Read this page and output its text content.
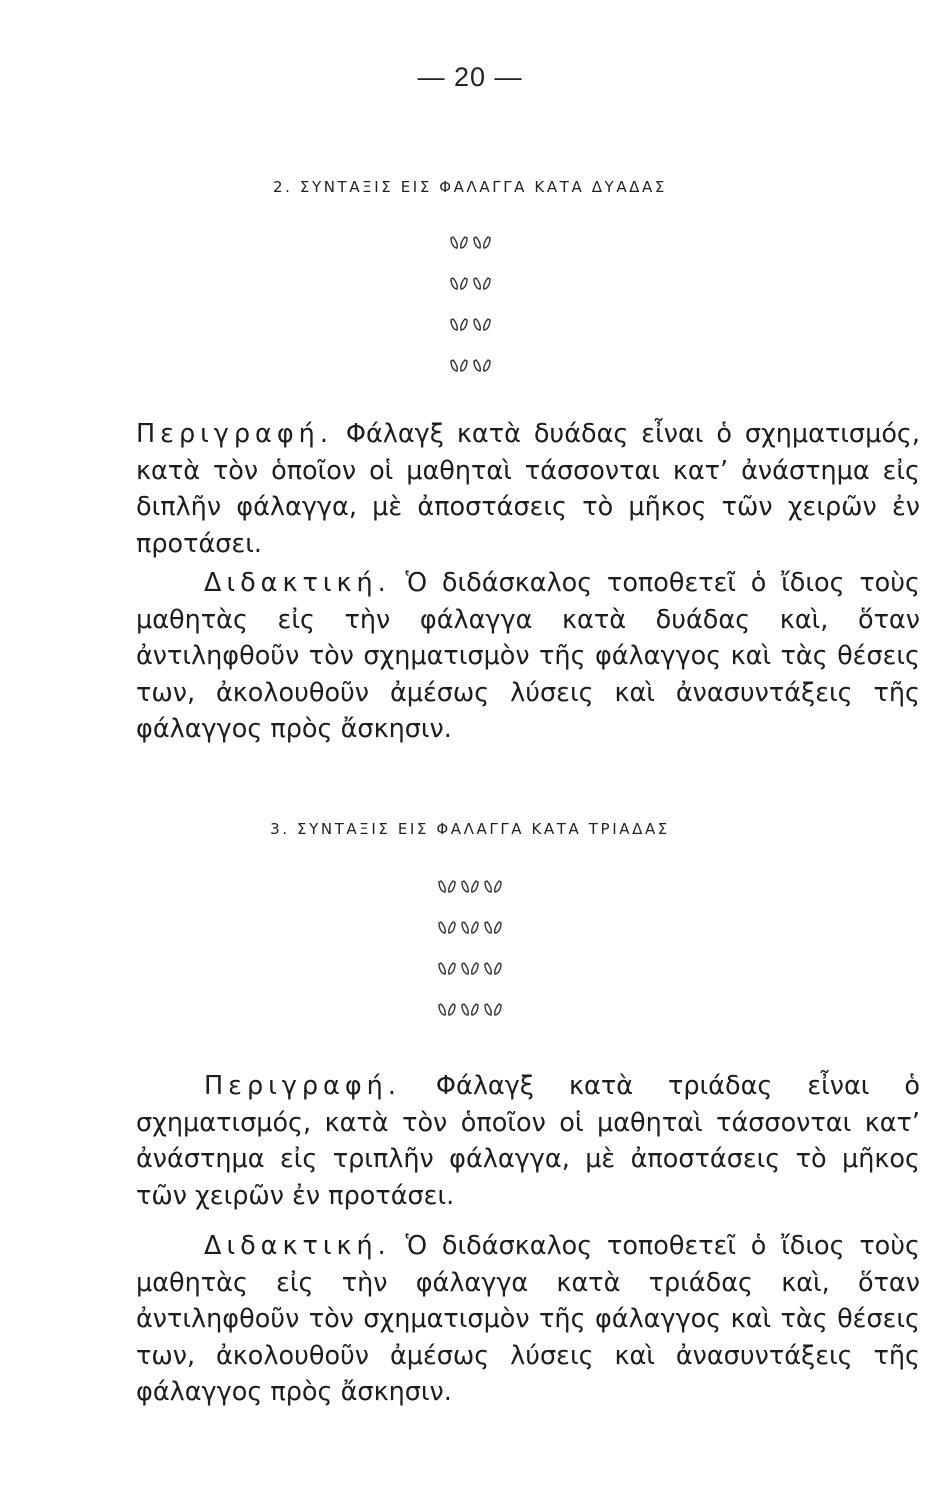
— 20 —
2. ΣΥΝΤΑΞΙΣ ΕΙΣ ΦΑΛΑΓΓΑ ΚΑΤΑ ΔΥΑΔΑΣ

Περιγραφή. Φάλαγξ κατὰ δυάδας εἶναι ὁ σχηματισμός, κατὰ τὸν ὁποῖον οἱ μαθηταὶ τάσσονται κατ’ ἀνάστημα εἰς διπλῆν φάλαγγα, μὲ ἀποστάσεις τὸ μῆκος τῶν χειρῶν ἐν προτάσει.

Διδακτική. Ὁ διδάσκαλος τοποθετεῖ ὁ ἴδιος τοὺς μαθητὰς εἰς τὴν φάλαγγα κατὰ δυάδας καὶ, ὅταν ἀντιληφθοῦν τὸν σχηματισμὸν τῆς φάλαγγος καὶ τὰς θέσεις των, ἀκολουθοῦν ἀμέσως λύσεις καὶ ἀνασυντάξεις τῆς φάλαγγος πρὸς ἄσκησιν.

3. ΣΥΝΤΑΞΙΣ ΕΙΣ ΦΑΛΑΓΓΑ ΚΑΤΑ ΤΡΙΑΔΑΣ

Περιγραφή. Φάλαγξ κατὰ τριάδας εἶναι ὁ σχηματισμός, κατὰ τὸν ὁποῖον οἱ μαθηταὶ τάσσονται κατ’ ἀνάστημα εἰς τριπλῆν φάλαγγα, μὲ ἀποστάσεις τὸ μῆκος τῶν χειρῶν ἐν προτάσει.

Διδακτική. Ὁ διδάσκαλος τοποθετεῖ ὁ ἴδιος τοὺς μαθητὰς εἰς τὴν φάλαγγα κατὰ τριάδας καὶ, ὅταν ἀντιληφθοῦν τὸν σχηματισμὸν τῆς φάλαγγος καὶ τὰς θέσεις των, ἀκολουθοῦν ἀμέσως λύσεις καὶ ἀνασυντάξεις τῆς φάλαγγος πρὸς ἄσκησιν.
